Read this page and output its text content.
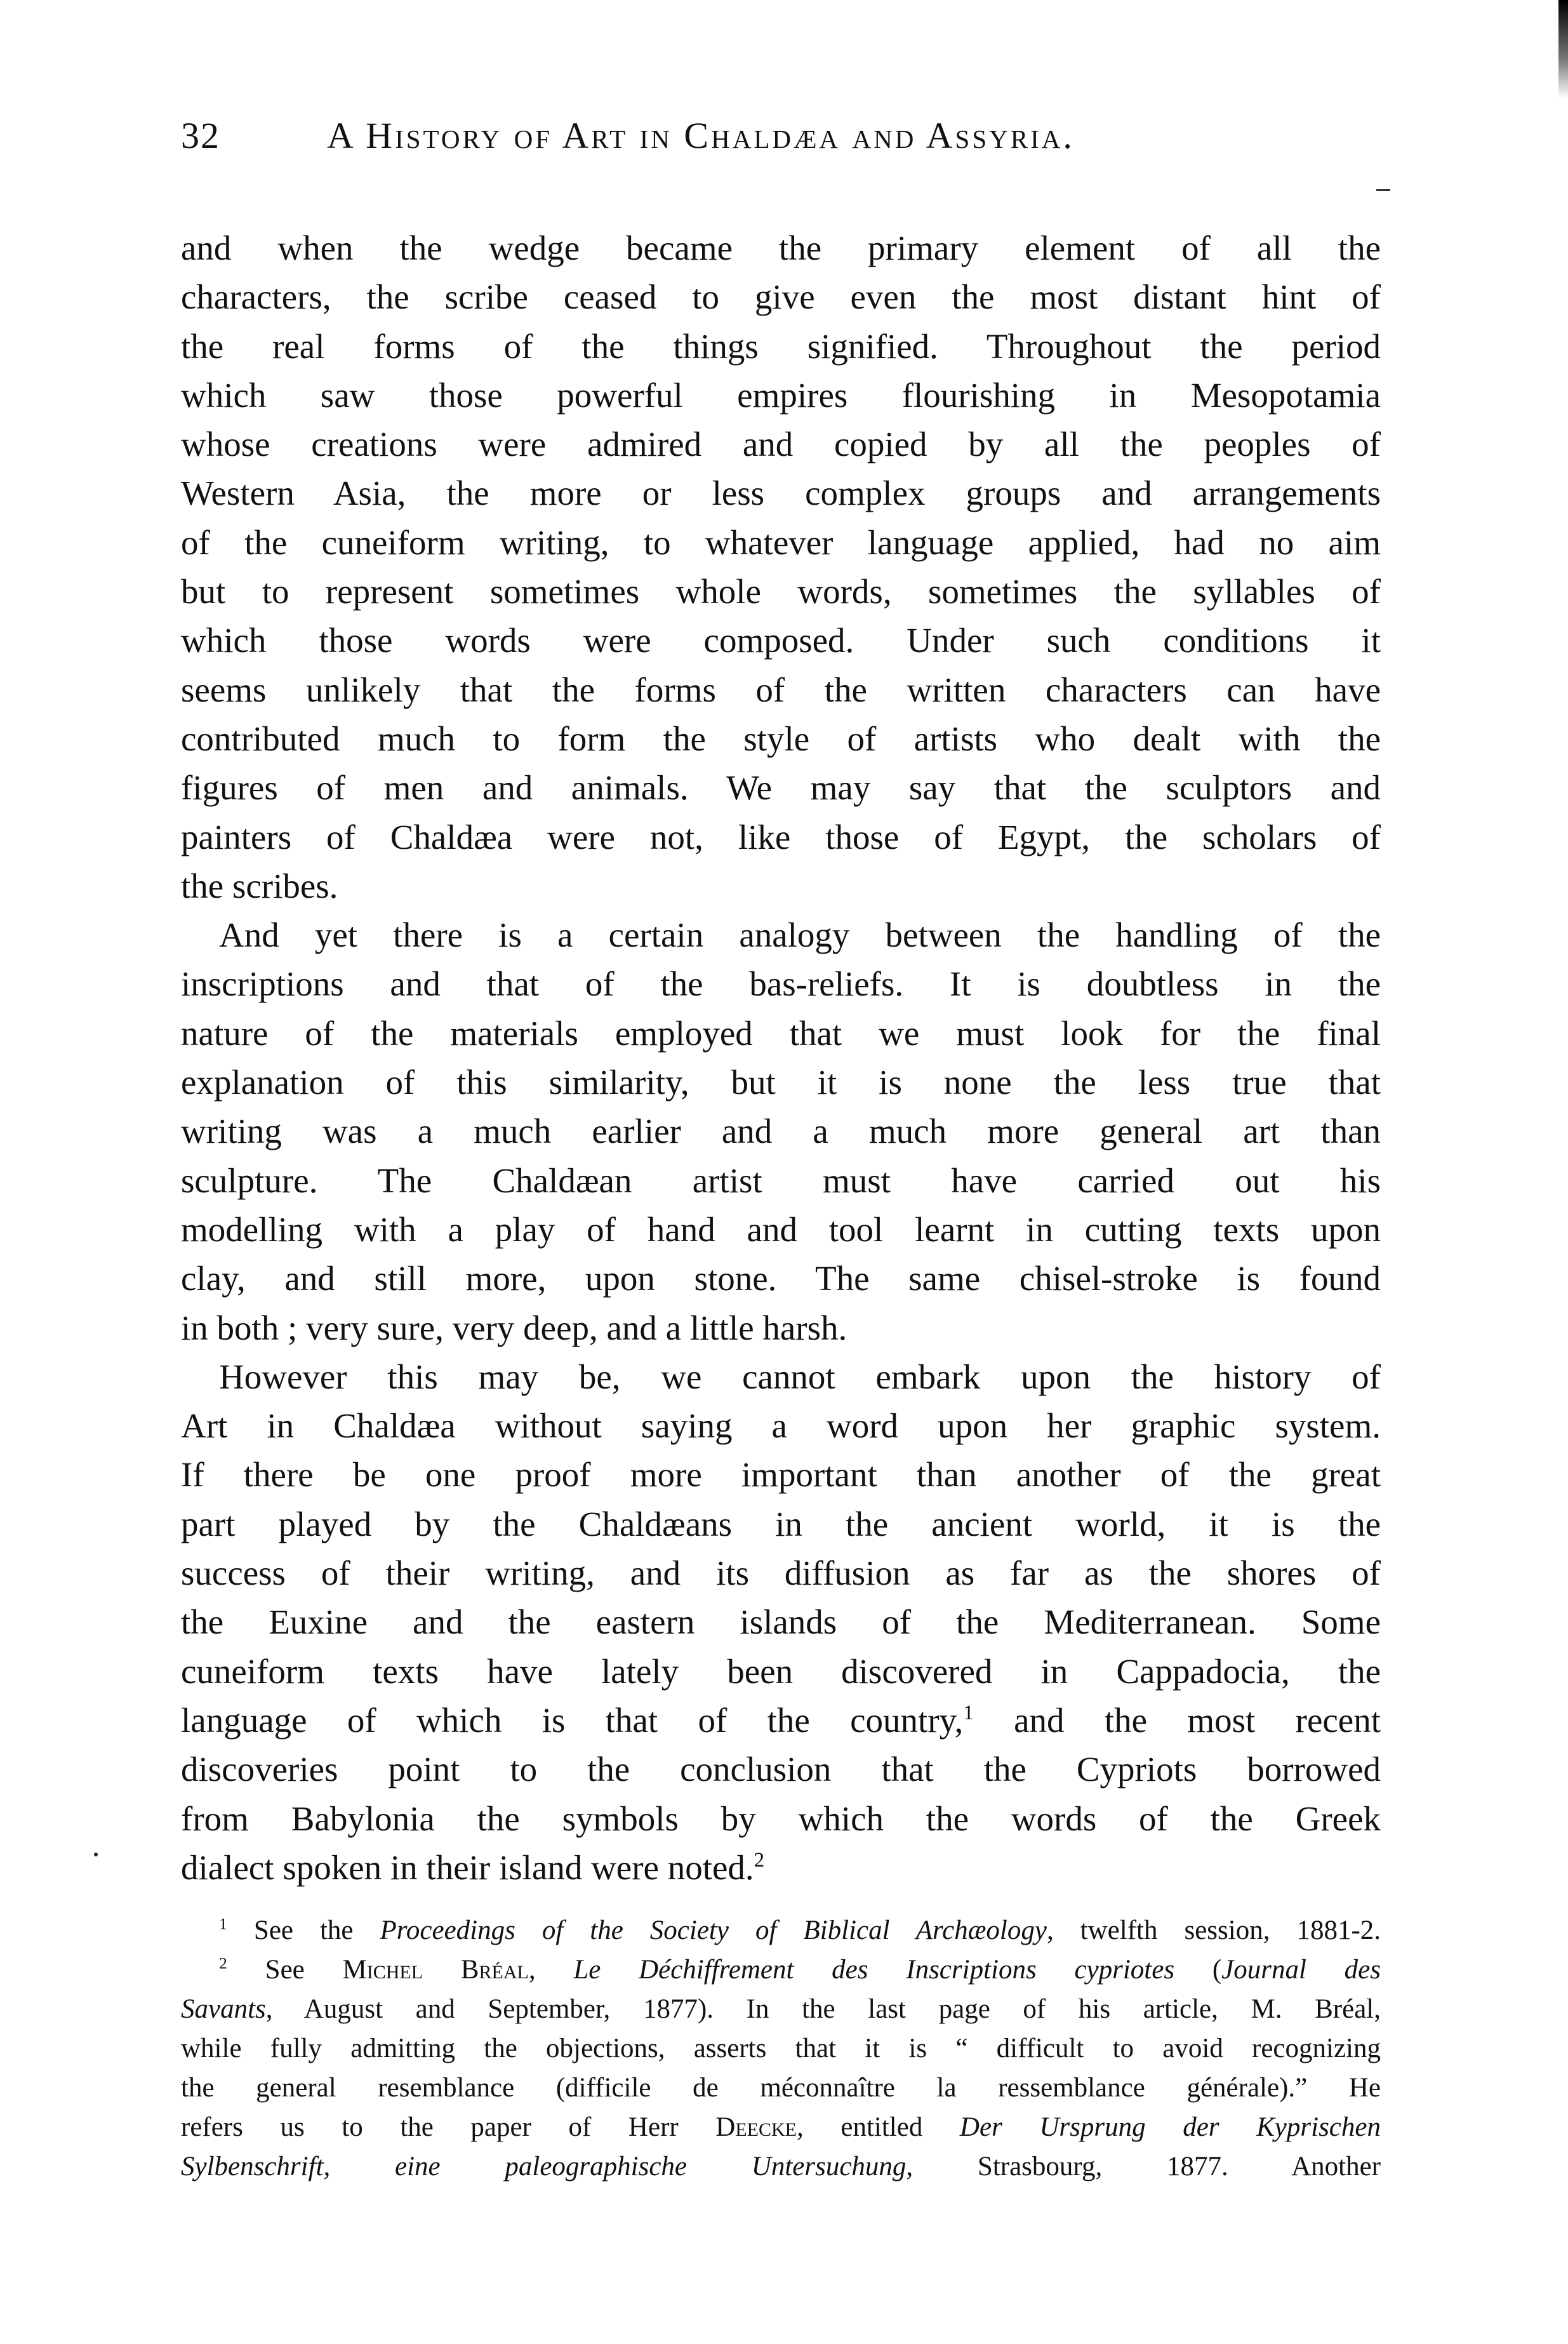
32	A History of Art in Chaldæa and Assyria.
and when the wedge became the primary element of all the
characters, the scribe ceased to give even the most distant hint of
the real forms of the things signified. Throughout the period
which saw those powerful empires flourishing in Mesopotamia
whose creations were admired and copied by all the peoples of
Western Asia, the more or less complex groups and arrangements
of the cuneiform writing, to whatever language applied, had no aim
but to represent sometimes whole words, sometimes the syllables of
which those words were composed. Under such conditions it
seems unlikely that the forms of the written characters can have
contributed much to form the style of artists who dealt with the
figures of men and animals. We may say that the sculptors and
painters of Chaldæa were not, like those of Egypt, the scholars of
the scribes.
And yet there is a certain analogy between the handling of the
inscriptions and that of the bas-reliefs. It is doubtless in the
nature of the materials employed that we must look for the final
explanation of this similarity, but it is none the less true that
writing was a much earlier and a much more general art than
sculpture. The Chaldæan artist must have carried out his
modelling with a play of hand and tool learnt in cutting texts upon
clay, and still more, upon stone. The same chisel-stroke is found
in both ; very sure, very deep, and a little harsh.
However this may be, we cannot embark upon the history of
Art in Chaldæa without saying a word upon her graphic system.
If there be one proof more important than another of the great
part played by the Chaldæans in the ancient world, it is the
success of their writing, and its diffusion as far as the shores of
the Euxine and the eastern islands of the Mediterranean. Some
cuneiform texts have lately been discovered in Cappadocia, the
language of which is that of the country,$^1$ and the most recent
discoveries point to the conclusion that the Cypriots borrowed
from Babylonia the symbols by which the words of the Greek
dialect spoken in their island were noted.$^2$
$^1$ See the Proceedings of the Society of Biblical Archæology, twelfth session, 1881-2.
$^2$ See Michel Bréal, Le Déchiffrement des Inscriptions cypriotes (Journal des
Savants, August and September, 1877). In the last page of his article, M. Bréal,
while fully admitting the objections, asserts that it is “ difficult to avoid recognizing
the general resemblance (difficile de méconnaître la ressemblance générale).” He
refers us to the paper of Herr Deecke, entitled Der Ursprung der Kyprischen
Sylbenschrift, eine paleographische Untersuchung, Strasbourg, 1877. Another
